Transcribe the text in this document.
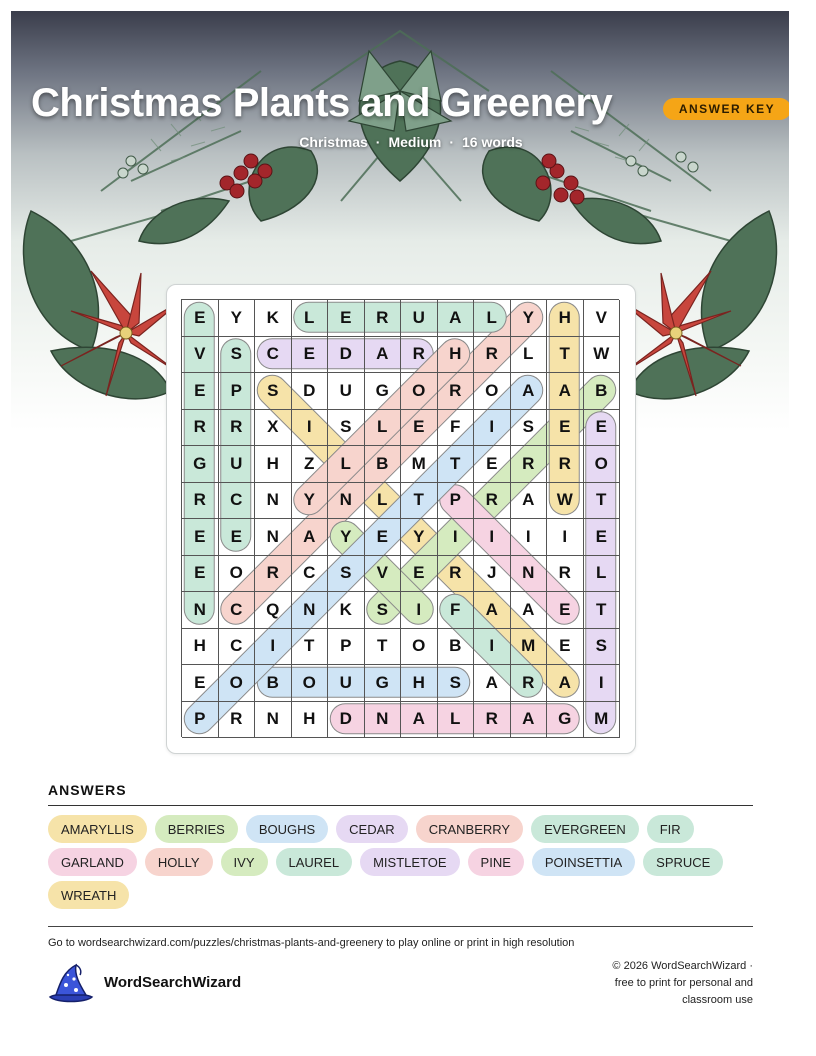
Christmas Plants and Greenery	ANSWER KEY
Christmas · Medium · 16 words
E	Y	K	L	E	R	U	A	L	Y	H	V
V	S	C	E	D	A	R	H	R	L	T	W
E	P	S	D	U	G	O	R	O	A	A	B
R	R	X	I	S	L	E	F	I	S	E	E
G	U	H	Z	L	B	M	T	E	R	R	O
R	C	N	Y	N	L	T	P	R	A	W	T
E	E	N	A	Y	E	Y	I	I	I	I	E
E	O	R	C	S	V	E	R	J	N	R	L
N	C	Q	N	K	S	I	F	A	A	E	T
H	C	I	T	P	T	O	B	I	M	E	S
E	O	B	O	U	G	H	S	A	R	A	I
P	R	N	H	D	N	A	L	R	A	G	M
ANSWERS
AMARYLLIS	BERRIES	BOUGHS	CEDAR	CRANBERRY	EVERGREEN	FIR
GARLAND	HOLLY	IVY	LAUREL	MISTLETOE	PINE	POINSETTIA	SPRUCE
WREATH
Go to wordsearchwizard.com/puzzles/christmas-plants-and-greenery to play online or print in high resolution
WordSearchWizard
© 2026 WordSearchWizard ·
free to print for personal and
classroom use
